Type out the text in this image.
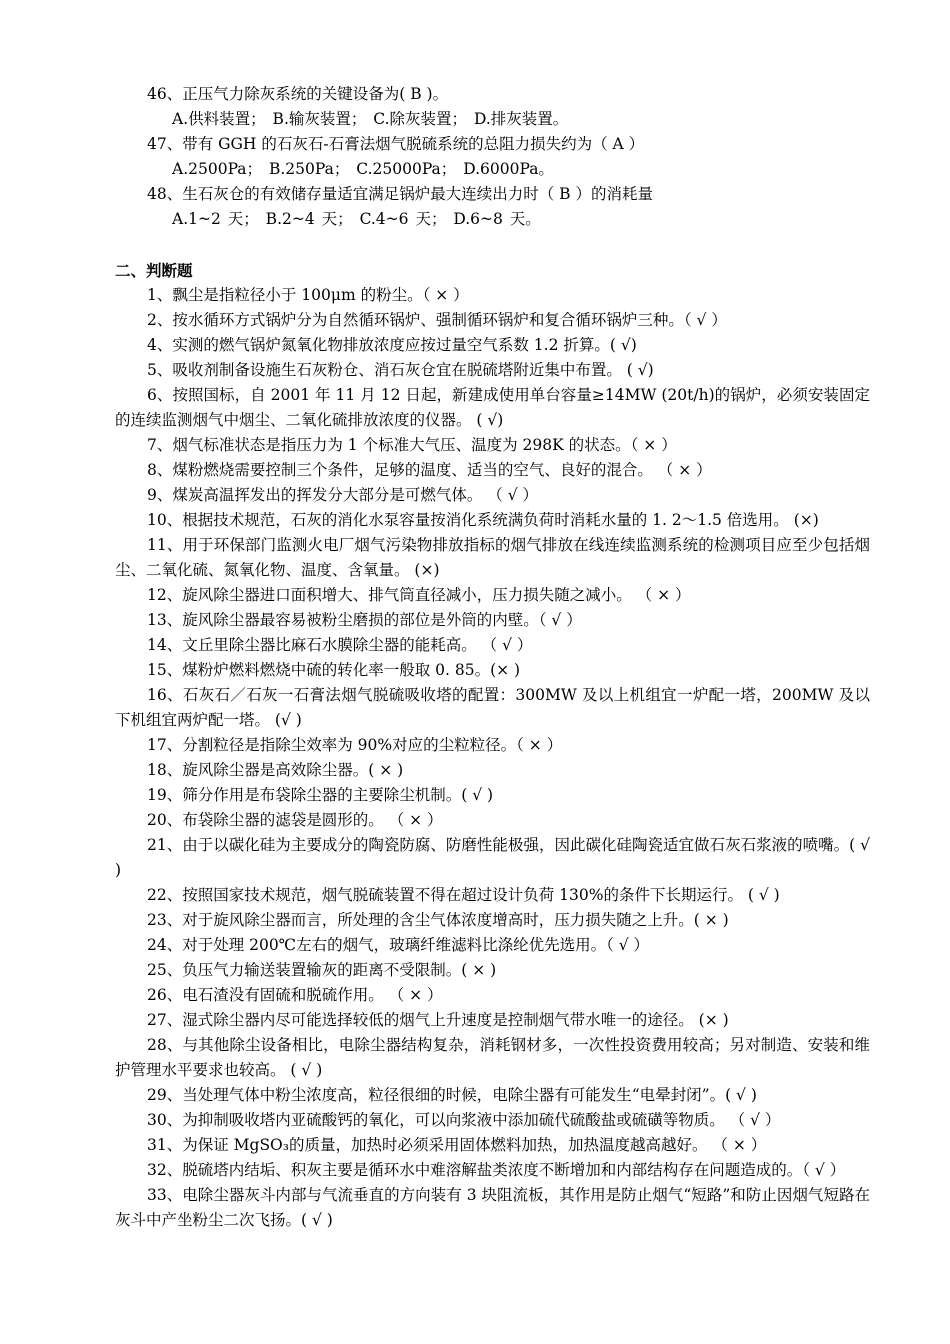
46、正压气力除灰系统的关键设备为( B )。

A.供料装置； B.输灰装置； C.除灰装置； D.排灰装置。

47、带有 GGH 的石灰石-石膏法烟气脱硫系统的总阻力损失约为（ A ）

A.2500Pa； B.250Pa； C.25000Pa； D.6000Pa。

48、生石灰仓的有效储存量适宜满足锅炉最大连续出力时（ B ）的消耗量

A.1~2 天； B.2~4 天； C.4~6 天； D.6~8 天。

二、判断题

1、飘尘是指粒径小于 100μm 的粉尘。（ × ）

2、按水循环方式锅炉分为自然循环锅炉、强制循环锅炉和复合循环锅炉三种。（ √ ）

4、实测的燃气锅炉氮氧化物排放浓度应按过量空气系数 1.2 折算。( √)

5、吸收剂制备设施生石灰粉仓、消石灰仓宜在脱硫塔附近集中布置。 ( √)

6、按照国标，自 2001 年 11 月 12 日起，新建成使用单台容量≥14MW (20t/h)的锅炉，必须安装固定的连续监测烟气中烟尘、二氧化硫排放浓度的仪器。 ( √)

7、烟气标准状态是指压力为 1 个标准大气压、温度为 298K 的状态。（ × ）

8、煤粉燃烧需要控制三个条件，足够的温度、适当的空气、良好的混合。 （ × ）

9、煤炭高温挥发出的挥发分大部分是可燃气体。 （ √ ）

10、根据技术规范，石灰的消化水泵容量按消化系统满负荷时消耗水量的 1. 2～1.5 倍选用。 (×)

11、用于环保部门监测火电厂烟气污染物排放指标的烟气排放在线连续监测系统的检测项目应至少包括烟尘、二氧化硫、氮氧化物、温度、含氧量。 (×)

12、旋风除尘器进口面积增大、排气筒直径减小，压力损失随之减小。 （ × ）

13、旋风除尘器最容易被粉尘磨损的部位是外筒的内壁。（ √ ）

14、文丘里除尘器比麻石水膜除尘器的能耗高。 （ √ ）

15、煤粉炉燃料燃烧中硫的转化率一般取 0. 85。(× )

16、石灰石／石灰一石膏法烟气脱硫吸收塔的配置：300MW 及以上机组宜一炉配一塔，200MW 及以下机组宜两炉配一塔。 (√ )

17、分割粒径是指除尘效率为 90%对应的尘粒粒径。（ × ）

18、旋风除尘器是高效除尘器。( × )

19、筛分作用是布袋除尘器的主要除尘机制。( √ )

20、布袋除尘器的滤袋是圆形的。 （ × ）

21、由于以碳化硅为主要成分的陶瓷防腐、防磨性能极强，因此碳化硅陶瓷适宜做石灰石浆液的喷嘴。( √ )

22、按照国家技术规范，烟气脱硫装置不得在超过设计负荷 130%的条件下长期运行。 ( √ )

23、对于旋风除尘器而言，所处理的含尘气体浓度增高时，压力损失随之上升。( × )

24、对于处理 200℃左右的烟气，玻璃纤维滤料比涤纶优先选用。（ √ ）

25、负压气力输送装置输灰的距离不受限制。( × )

26、电石渣没有固硫和脱硫作用。 （ × ）

27、湿式除尘器内尽可能选择较低的烟气上升速度是控制烟气带水唯一的途径。 (× )

28、与其他除尘设备相比，电除尘器结构复杂，消耗钢材多，一次性投资费用较高；另对制造、安装和维护管理水平要求也较高。 ( √ )

29、当处理气体中粉尘浓度高，粒径很细的时候，电除尘器有可能发生“电晕封闭”。( √ )

30、为抑制吸收塔内亚硫酸钙的氧化，可以向浆液中添加硫代硫酸盐或硫磺等物质。 （ √ ）

31、为保证 MgSO₃的质量，加热时必须采用固体燃料加热，加热温度越高越好。 （ × ）

32、脱硫塔内结垢、积灰主要是循环水中难溶解盐类浓度不断增加和内部结构存在问题造成的。（ √ ）

33、电除尘器灰斗内部与气流垂直的方向装有 3 块阻流板，其作用是防止烟气“短路”和防止因烟气短路在灰斗中产坐粉尘二次飞扬。( √ )
